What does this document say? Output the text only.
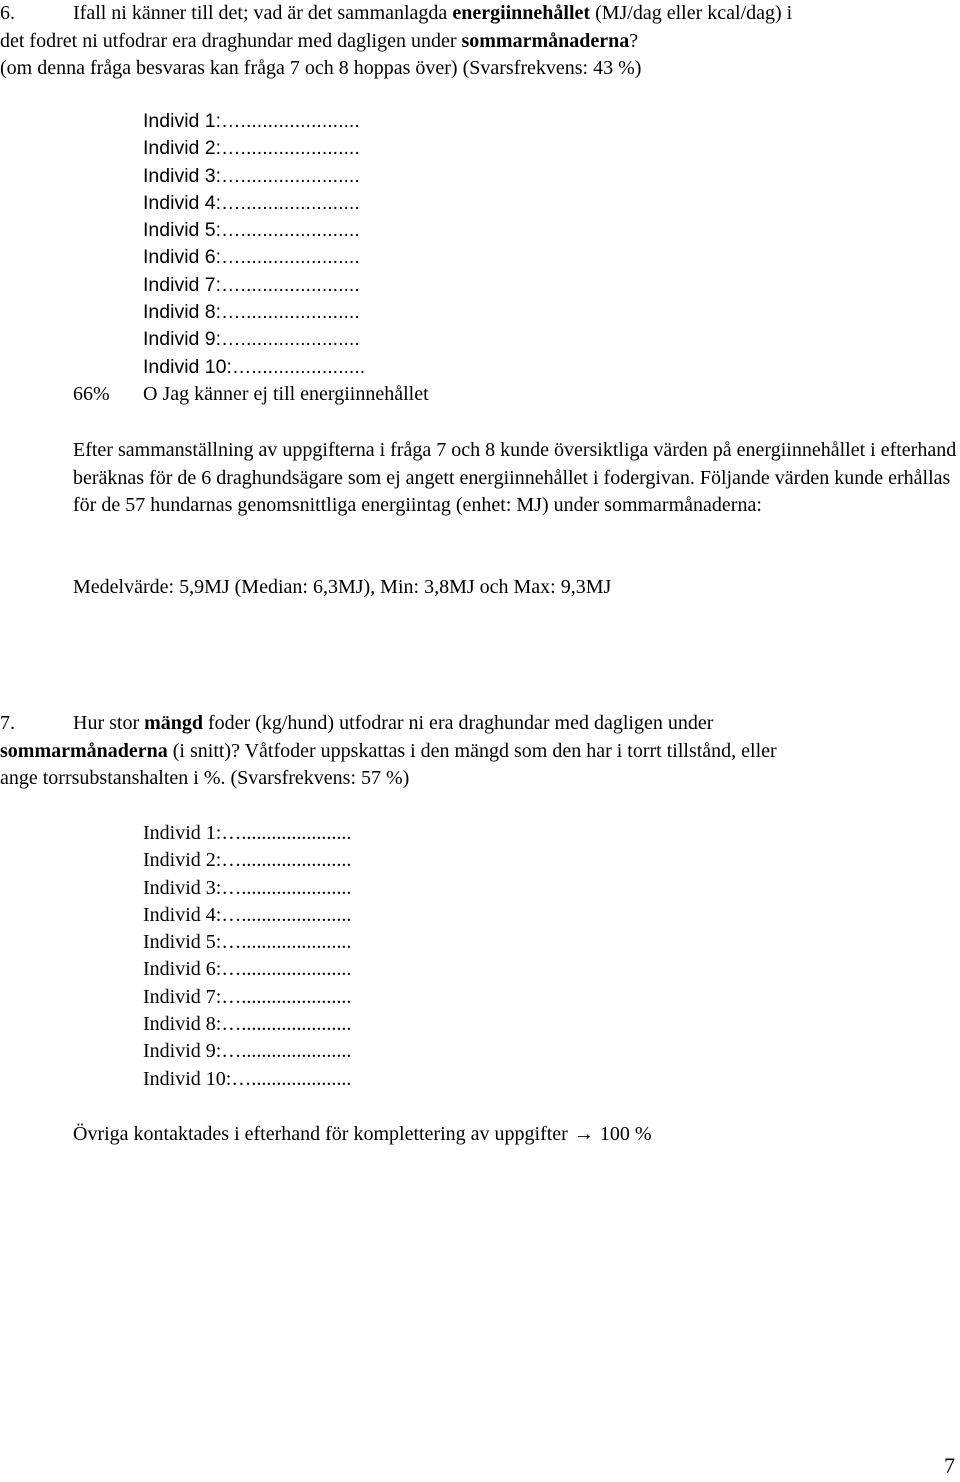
6.	Ifall ni känner till det; vad är det sammanlagda energiinnehållet (MJ/dag eller kcal/dag) i

det fodret ni utfodrar era draghundar med dagligen under sommarmånaderna?

(om denna fråga besvaras kan fråga 7 och 8 hoppas över) (Svarsfrekvens: 43 %)

Individ 1:…......................
Individ 2:…......................
Individ 3:…......................
Individ 4:…......................
Individ 5:…......................
Individ 6:…......................
Individ 7:…......................
Individ 8:…......................
Individ 9:…......................
Individ 10:….....................
66%	O Jag känner ej till energiinnehållet

Efter sammanställning av uppgifterna i fråga 7 och 8 kunde översiktliga värden på energiinnehållet i efterhand beräknas för de 6 draghundsägare som ej angett energiinnehållet i fodergivan. Följande värden kunde erhållas för de 57 hundarnas genomsnittliga energiintag (enhet: MJ) under sommarmånaderna:

Medelvärde: 5,9MJ (Median: 6,3MJ), Min: 3,8MJ och Max: 9,3MJ

7.	Hur stor mängd foder (kg/hund) utfodrar ni era draghundar med dagligen under

sommarmånaderna (i snitt)? Våtfoder uppskattas i den mängd som den har i torrt tillstånd, eller

ange torrsubstanshalten i %. (Svarsfrekvens: 57 %)

Individ 1:…......................
Individ 2:…......................
Individ 3:…......................
Individ 4:…......................
Individ 5:…......................
Individ 6:…......................
Individ 7:…......................
Individ 8:…......................
Individ 9:…......................
Individ 10:…....................

Övriga kontaktades i efterhand för komplettering av uppgifter → 100 %

7
